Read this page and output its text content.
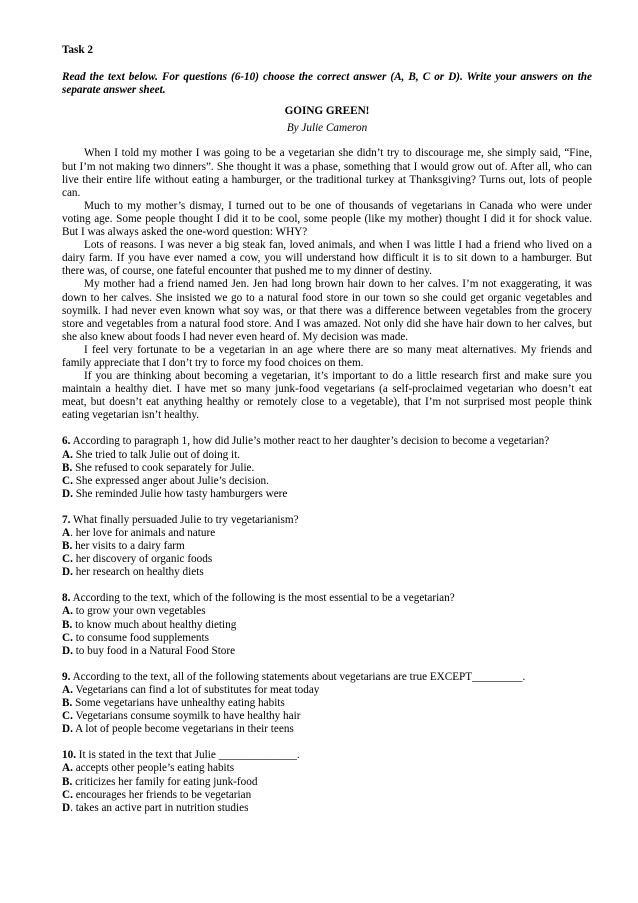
Task 2

Read the text below. For questions (6-10) choose the correct answer (A, B, C or D). Write your answers on the separate answer sheet.

GOING GREEN!

By Julie Cameron

When I told my mother I was going to be a vegetarian she didn’t try to discourage me, she simply said, “Fine, but I’m not making two dinners”. She thought it was a phase, something that I would grow out of. After all, who can live their entire life without eating a hamburger, or the traditional turkey at Thanksgiving? Turns out, lots of people can.

Much to my mother’s dismay, I turned out to be one of thousands of vegetarians in Canada who were under voting age. Some people thought I did it to be cool, some people (like my mother) thought I did it for shock value. But I was always asked the one-word question: WHY?

Lots of reasons. I was never a big steak fan, loved animals, and when I was little I had a friend who lived on a dairy farm. If you have ever named a cow, you will understand how difficult it is to sit down to a hamburger. But there was, of course, one fateful encounter that pushed me to my dinner of destiny.

My mother had a friend named Jen. Jen had long brown hair down to her calves. I’m not exaggerating, it was down to her calves. She insisted we go to a natural food store in our town so she could get organic vegetables and soymilk. I had never even known what soy was, or that there was a difference between vegetables from the grocery store and vegetables from a natural food store. And I was amazed. Not only did she have hair down to her calves, but she also knew about foods I had never even heard of. My decision was made.

I feel very fortunate to be a vegetarian in an age where there are so many meat alternatives. My friends and family appreciate that I don’t try to force my food choices on them.

If you are thinking about becoming a vegetarian, it’s important to do a little research first and make sure you maintain a healthy diet. I have met so many junk-food vegetarians (a self-proclaimed vegetarian who doesn’t eat meat, but doesn’t eat anything healthy or remotely close to a vegetable), that I’m not surprised most people think eating vegetarian isn’t healthy.

6. According to paragraph 1, how did Julie’s mother react to her daughter’s decision to become a vegetarian?

A. She tried to talk Julie out of doing it.

B. She refused to cook separately for Julie.

C. She expressed anger about Julie’s decision.

D. She reminded Julie how tasty hamburgers were

7. What finally persuaded Julie to try vegetarianism?

A. her love for animals and nature

B. her visits to a dairy farm

C. her discovery of organic foods

D. her research on healthy diets

8. According to the text, which of the following is the most essential to be a vegetarian?

A. to grow your own vegetables

B. to know much about healthy dieting

C. to consume food supplements

D. to buy food in a Natural Food Store

9. According to the text, all of the following statements about vegetarians are true EXCEPT_________.

A. Vegetarians can find a lot of substitutes for meat today

B. Some vegetarians have unhealthy eating habits

C. Vegetarians consume soymilk to have healthy hair

D. A lot of people become vegetarians in their teens

10. It is stated in the text that Julie ______________.

A. accepts other people’s eating habits

B. criticizes her family for eating junk-food

C. encourages her friends to be vegetarian

D. takes an active part in nutrition studies
